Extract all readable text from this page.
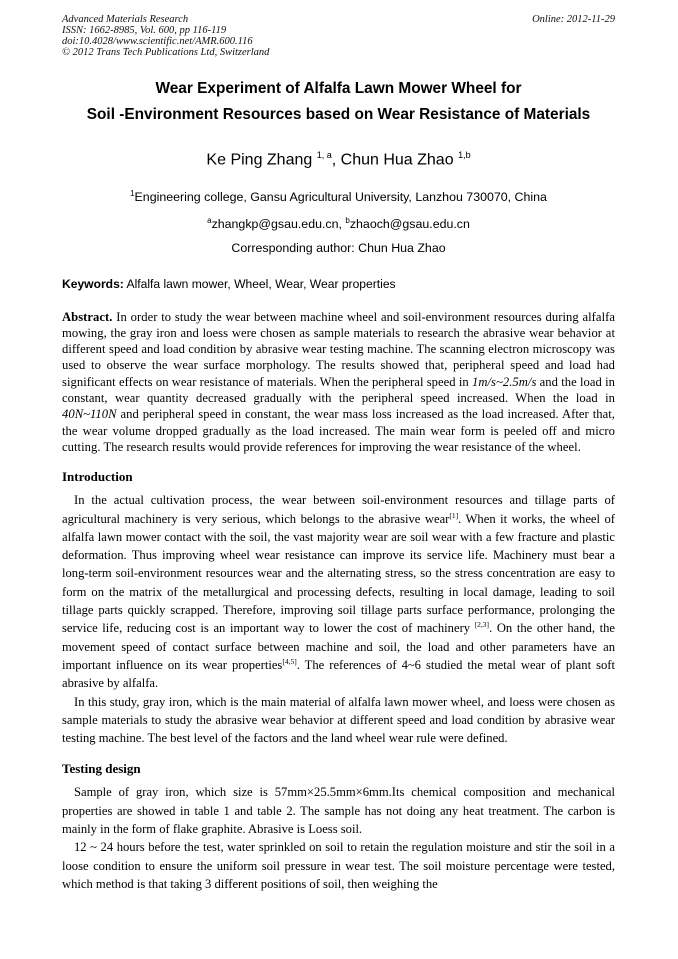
Advanced Materials Research
ISSN: 1662-8985, Vol. 600, pp 116-119
doi:10.4028/www.scientific.net/AMR.600.116
© 2012 Trans Tech Publications Ltd, Switzerland
Online: 2012-11-29
Wear Experiment of Alfalfa Lawn Mower Wheel for
Soil -Environment Resources based on Wear Resistance of Materials
Ke Ping Zhang $^{1, a}$, Chun Hua Zhao $^{1,b}$
$^1$Engineering college, Gansu Agricultural University, Lanzhou 730070, China
$^a$zhangkp@gsau.edu.cn, $^b$zhaoch@gsau.edu.cn
Corresponding author: Chun Hua Zhao
Keywords: Alfalfa lawn mower, Wheel, Wear, Wear properties
Abstract. In order to study the wear between machine wheel and soil-environment resources during alfalfa mowing, the gray iron and loess were chosen as sample materials to research the abrasive wear behavior at different speed and load condition by abrasive wear testing machine. The scanning electron microscopy was used to observe the wear surface morphology. The results showed that, peripheral speed and load had significant effects on wear resistance of materials. When the peripheral speed in 1m/s~2.5m/s and the load in constant, wear quantity decreased gradually with the peripheral speed increased. When the load in 40N~110N and peripheral speed in constant, the wear mass loss increased as the load increased. After that, the wear volume dropped gradually as the load increased. The main wear form is peeled off and micro cutting. The research results would provide references for improving the wear resistance of the wheel.
Introduction

In the actual cultivation process, the wear between soil-environment resources and tillage parts of agricultural machinery is very serious, which belongs to the abrasive wear[1]. When it works, the wheel of alfalfa lawn mower contact with the soil, the vast majority wear are soil wear with a few fracture and plastic deformation. Thus improving wheel wear resistance can improve its service life. Machinery must bear a long-term soil-environment resources wear and the alternating stress, so the stress concentration are easy to form on the matrix of the metallurgical and processing defects, resulting in local damage, leading to soil tillage parts quickly scrapped. Therefore, improving soil tillage parts surface performance, prolonging the service life, reducing cost is an important way to lower the cost of machinery [2,3]. On the other hand, the movement speed of contact surface between machine and soil, the load and other parameters have an important influence on its wear properties[4,5]. The references of 4~6 studied the metal wear of plant soft abrasive by alfalfa.

In this study, gray iron, which is the main material of alfalfa lawn mower wheel, and loess were chosen as sample materials to study the abrasive wear behavior at different speed and load condition by abrasive wear testing machine. The best level of the factors and the land wheel wear rule were defined.

Testing design

Sample of gray iron, which size is 57mm×25.5mm×6mm.Its chemical composition and mechanical properties are showed in table 1 and table 2. The sample has not doing any heat treatment. The carbon is mainly in the form of flake graphite. Abrasive is Loess soil.

12 ~ 24 hours before the test, water sprinkled on soil to retain the regulation moisture and stir the soil in a loose condition to ensure the uniform soil pressure in wear test. The soil moisture percentage were tested, which method is that taking 3 different positions of soil, then weighing the
